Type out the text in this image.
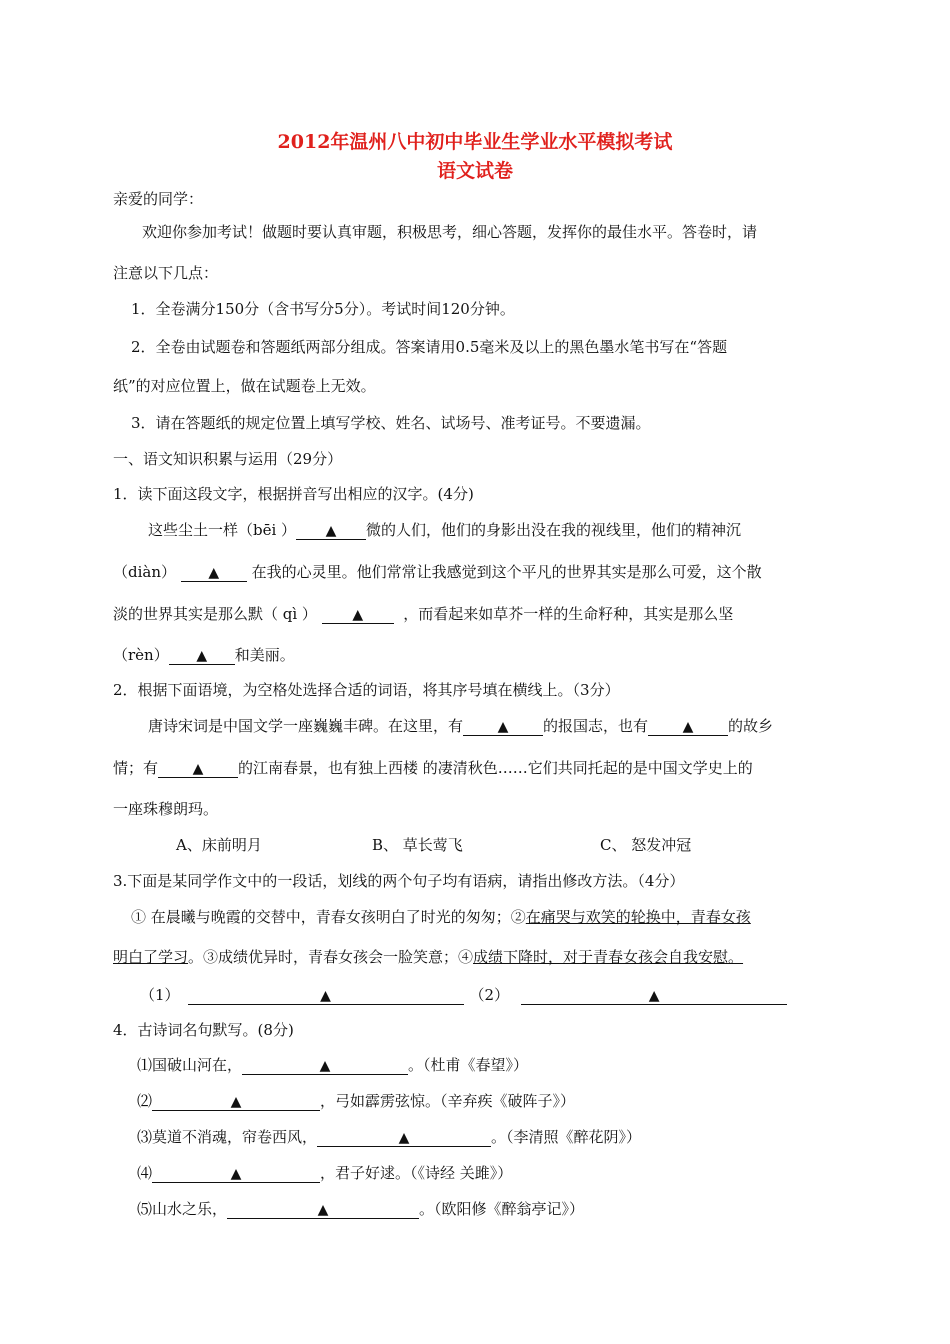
2012年温州八中初中毕业生学业水平模拟考试
语文试卷
亲爱的同学：
欢迎你参加考试！做题时要认真审题，积极思考，细心答题，发挥你的最佳水平。答卷时，请
注意以下几点：
1．全卷满分150分（含书写分5分）。考试时间120分钟。
2．全卷由试题卷和答题纸两部分组成。答案请用0.5毫米及以上的黑色墨水笔书写在“答题
纸”的对应位置上，做在试题卷上无效。
3．请在答题纸的规定位置上填写学校、姓名、试场号、准考证号。不要遗漏。
一、语文知识积累与运用（29分）
1．读下面这段文字，根据拼音写出相应的汉字。(4分)
这些尘土一样（bēi ） ▲ 微的人们，他们的身影出没在我的视线里，他们的精神沉
（diàn） ▲ 在我的心灵里。他们常常让我感觉到这个平凡的世界其实是那么可爱，这个散
淡的世界其实是那么默（ qì ）	▲	，而看起来如草芥一样的生命籽种，其实是那么坚
（rèn） ▲ 和美丽。
2．根据下面语境，为空格处选择合适的词语，将其序号填在横线上。（3分）
唐诗宋词是中国文学一座巍巍丰碑。在这里，有 ▲ 的报国志，也有 ▲ 的故乡
情；有 ▲ 的江南春景，也有独上西楼 的凄清秋色……它们共同托起的是中国文学史上的
一座珠穆朗玛。
A、床前明月	B、 草长莺飞	C、 怒发冲冠
3.下面是某同学作文中的一段话，划线的两个句子均有语病，请指出修改方法。（4分）
① 在晨曦与晚霞的交替中，青春女孩明白了时光的匆匆；②在痛哭与欢笑的轮换中，青春女孩
明白了学习。③成绩优异时，青春女孩会一脸笑意；④成绩下降时，对于青春女孩会自我安慰。
（1）	▲	（2）	▲
4．古诗词名句默写。(8分)
⑴国破山河在，	▲	。（杜甫《春望》）
⑵	▲	，弓如霹雳弦惊。（辛弃疾《破阵子》）
⑶莫道不消魂，帘卷西风，	▲	。（李清照《醉花阴》）
⑷	▲	，君子好逑。（《诗经 关雎》）
⑸山水之乐，	▲	。（欧阳修《醉翁亭记》）
